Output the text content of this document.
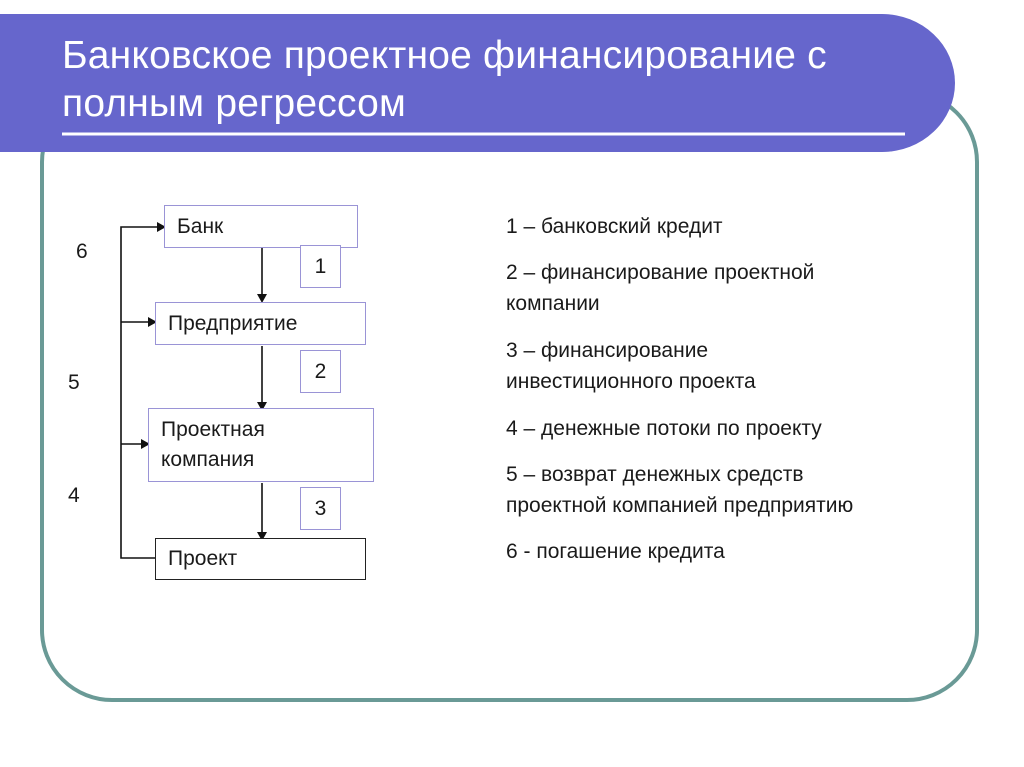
Банковское проектное финансирование с
полным регрессом
Банк
Предприятие
Проектная
компания
Проект
1
2
3
6
5
4
1 – банковский кредит
2 – финансирование проектной
компании
3 – финансирование
инвестиционного проекта
4 – денежные потоки по проекту
5 – возврат денежных средств
проектной компанией предприятию
6 - погашение кредита
